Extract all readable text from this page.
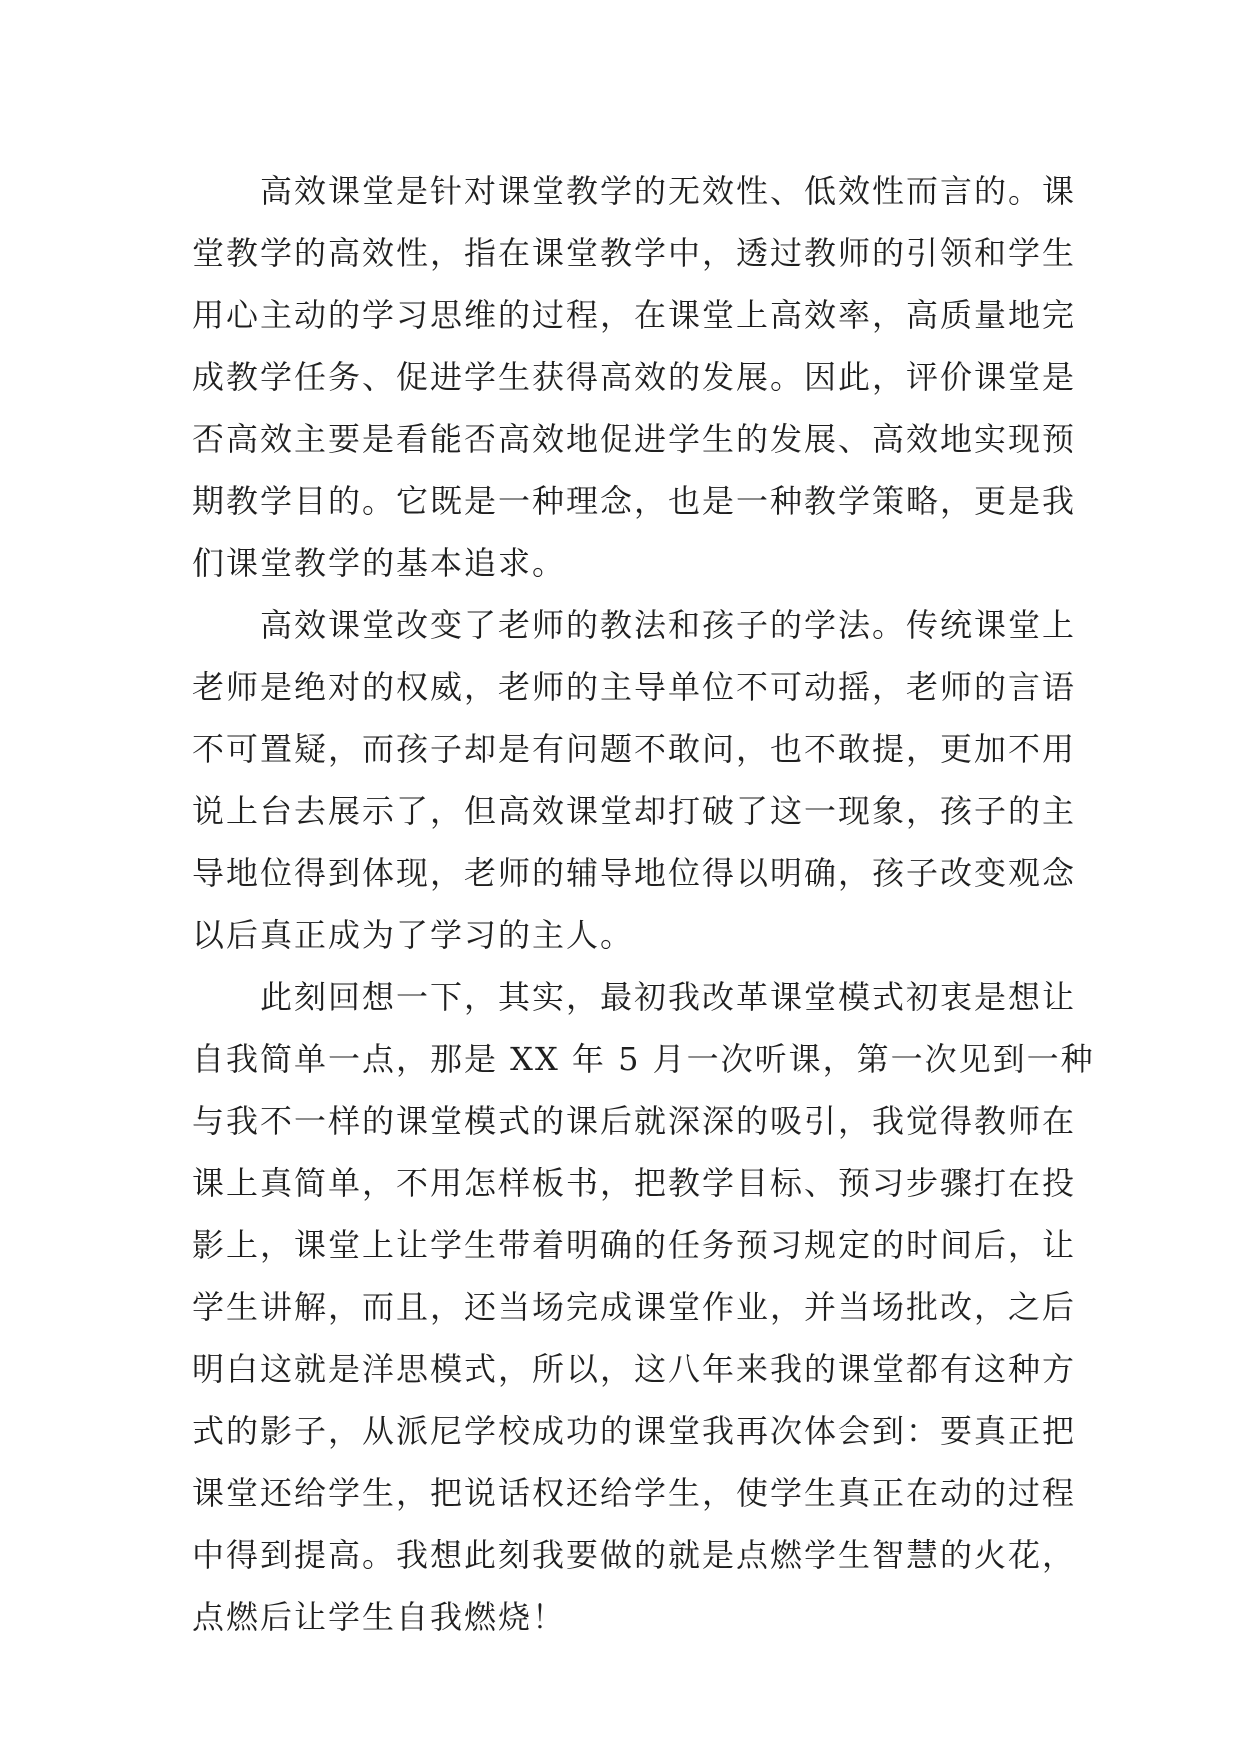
　　高效课堂是针对课堂教学的无效性、低效性而言的。课
堂教学的高效性，指在课堂教学中，透过教师的引领和学生
用心主动的学习思维的过程，在课堂上高效率，高质量地完
成教学任务、促进学生获得高效的发展。因此，评价课堂是
否高效主要是看能否高效地促进学生的发展、高效地实现预
期教学目的。它既是一种理念，也是一种教学策略，更是我
们课堂教学的基本追求。
　　高效课堂改变了老师的教法和孩子的学法。传统课堂上
老师是绝对的权威，老师的主导单位不可动摇，老师的言语
不可置疑，而孩子却是有问题不敢问，也不敢提，更加不用
说上台去展示了，但高效课堂却打破了这一现象，孩子的主
导地位得到体现，老师的辅导地位得以明确，孩子改变观念
以后真正成为了学习的主人。
　　此刻回想一下，其实，最初我改革课堂模式初衷是想让
自我简单一点，那是 XX 年 5 月一次听课，第一次见到一种
与我不一样的课堂模式的课后就深深的吸引，我觉得教师在
课上真简单，不用怎样板书，把教学目标、预习步骤打在投
影上，课堂上让学生带着明确的任务预习规定的时间后，让
学生讲解，而且，还当场完成课堂作业，并当场批改，之后
明白这就是洋思模式，所以，这八年来我的课堂都有这种方
式的影子，从派尼学校成功的课堂我再次体会到：要真正把
课堂还给学生，把说话权还给学生，使学生真正在动的过程
中得到提高。我想此刻我要做的就是点燃学生智慧的火花，
点燃后让学生自我燃烧！
